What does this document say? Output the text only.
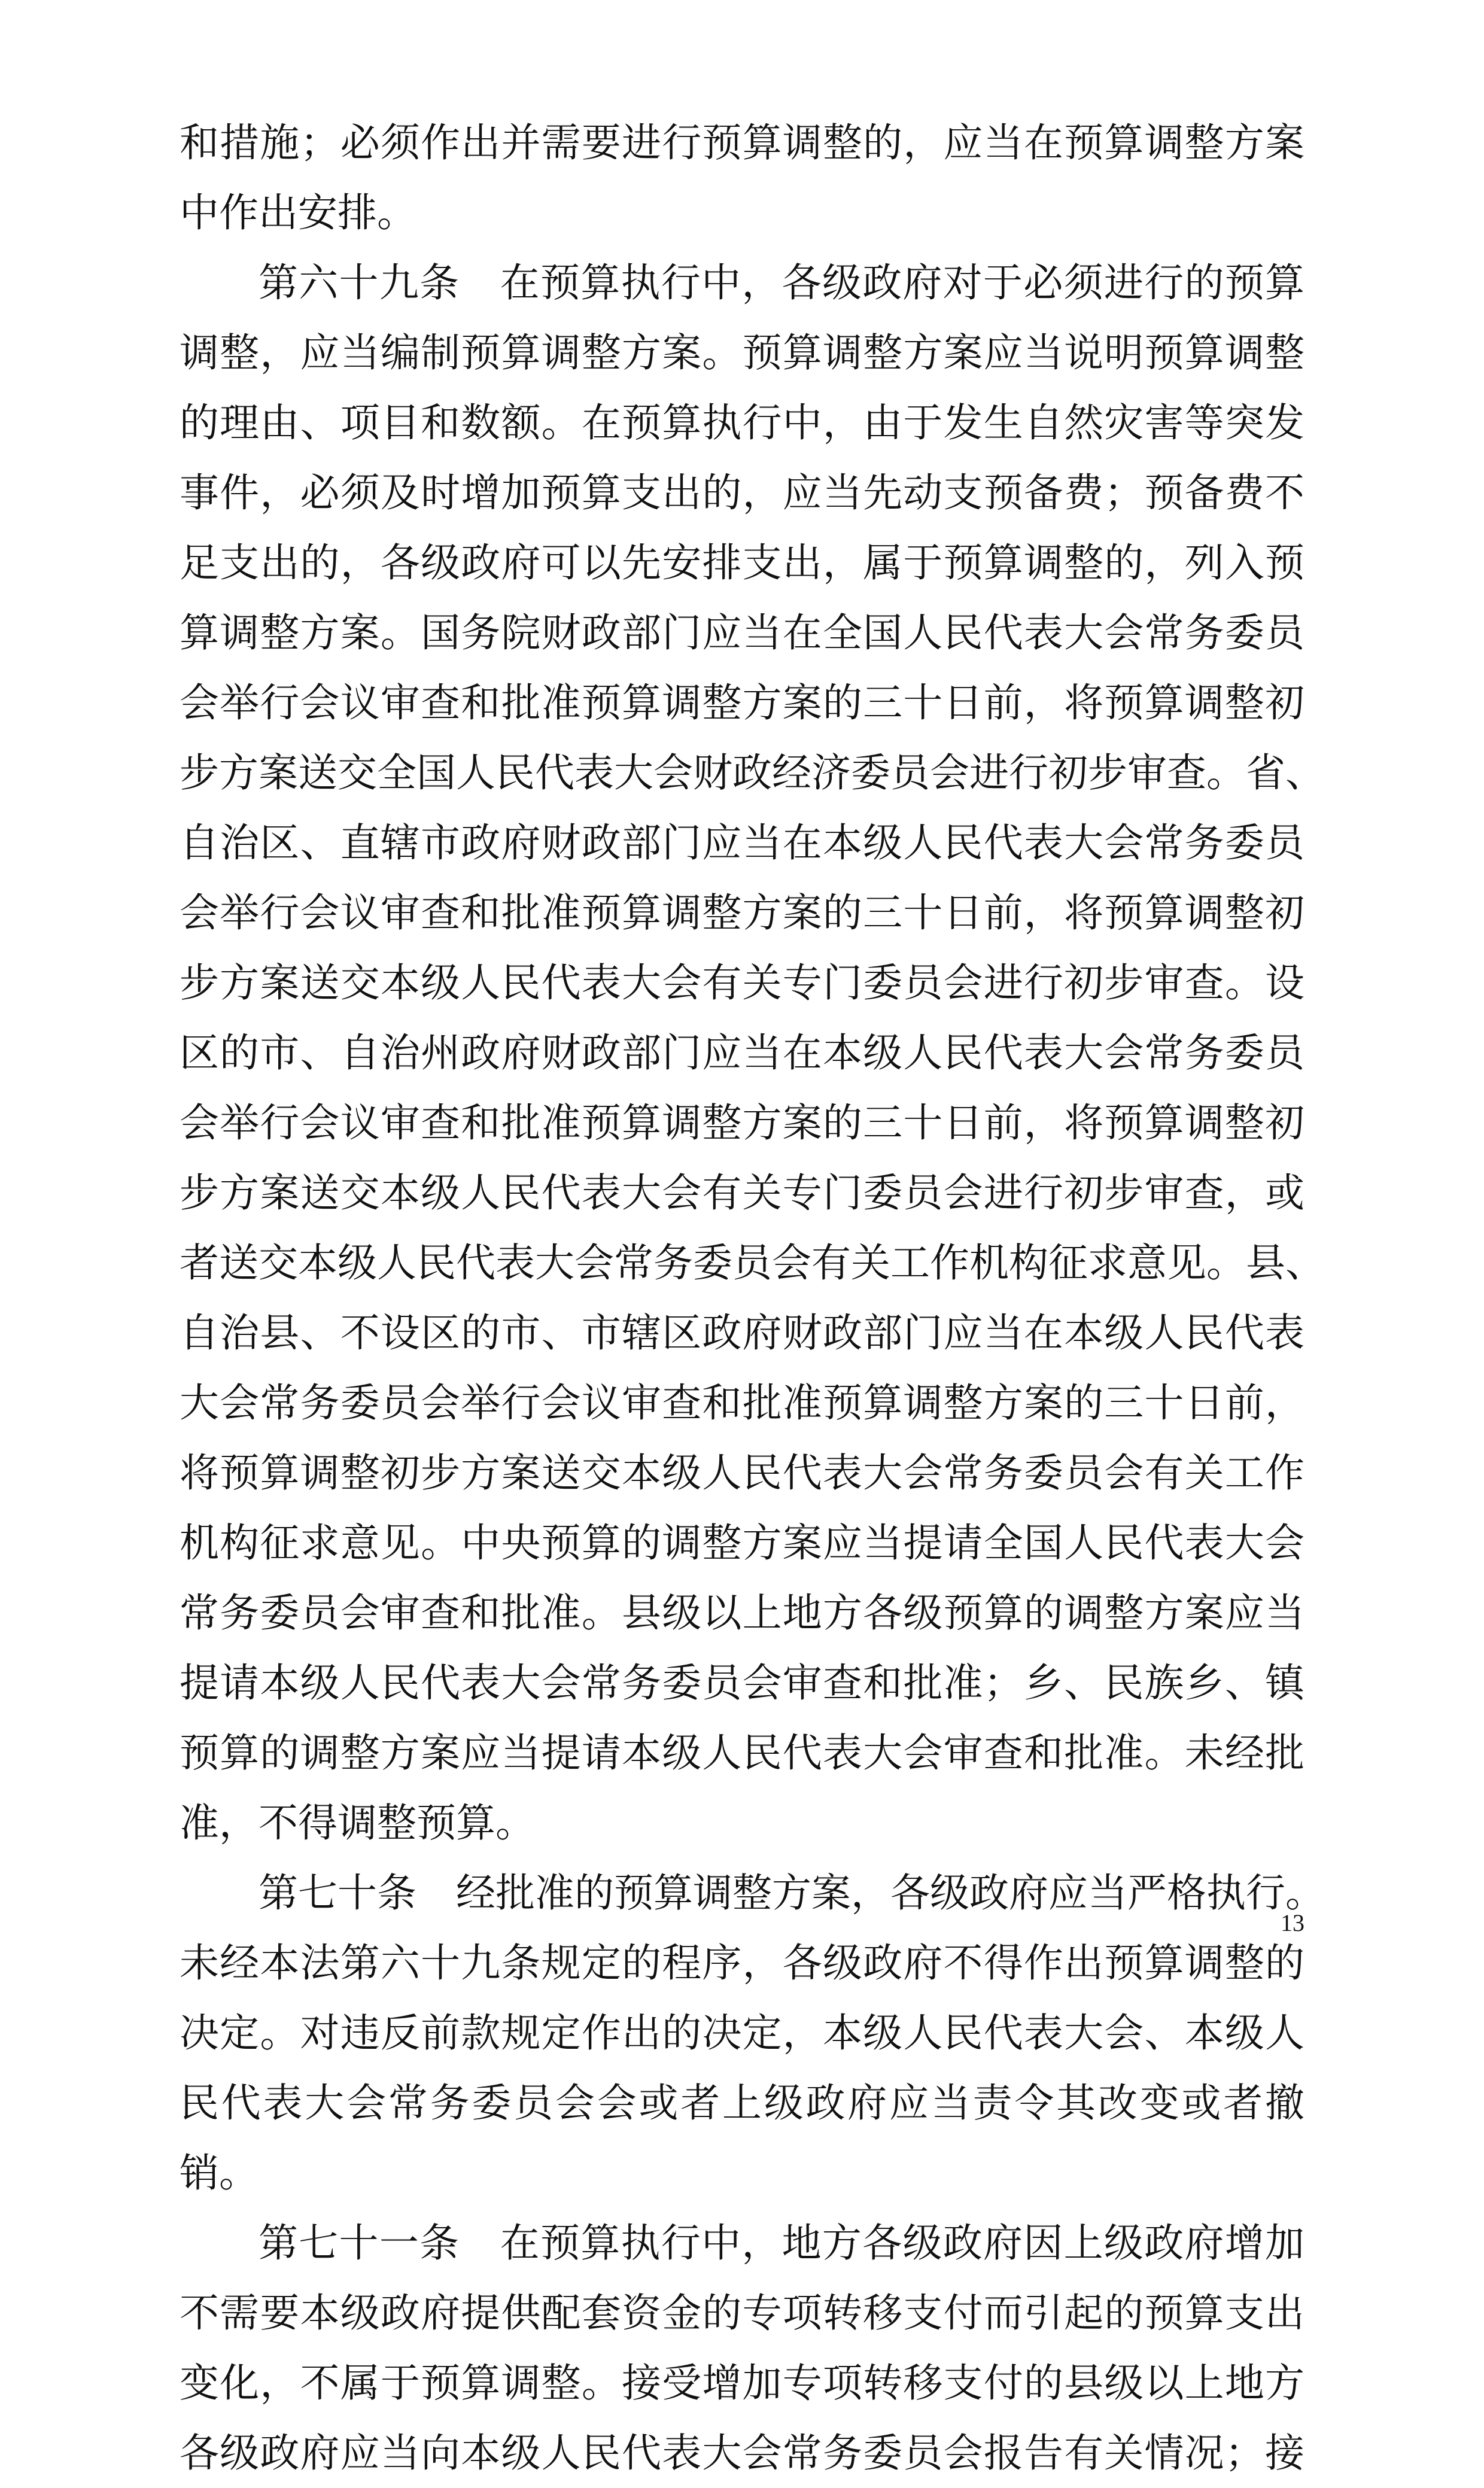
和措施；必须作出并需要进行预算调整的，应当在预算调整方案
中作出安排。
第六十九条　在预算执行中，各级政府对于必须进行的预算
调整，应当编制预算调整方案。预算调整方案应当说明预算调整
的理由、项目和数额。在预算执行中，由于发生自然灾害等突发
事件，必须及时增加预算支出的，应当先动支预备费；预备费不
足支出的，各级政府可以先安排支出，属于预算调整的，列入预
算调整方案。国务院财政部门应当在全国人民代表大会常务委员
会举行会议审查和批准预算调整方案的三十日前，将预算调整初
步方案送交全国人民代表大会财政经济委员会进行初步审查。省、
自治区、直辖市政府财政部门应当在本级人民代表大会常务委员
会举行会议审查和批准预算调整方案的三十日前，将预算调整初
步方案送交本级人民代表大会有关专门委员会进行初步审查。设
区的市、自治州政府财政部门应当在本级人民代表大会常务委员
会举行会议审查和批准预算调整方案的三十日前，将预算调整初
步方案送交本级人民代表大会有关专门委员会进行初步审查，或
者送交本级人民代表大会常务委员会有关工作机构征求意见。县、
自治县、不设区的市、市辖区政府财政部门应当在本级人民代表
大会常务委员会举行会议审查和批准预算调整方案的三十日前，
将预算调整初步方案送交本级人民代表大会常务委员会有关工作
机构征求意见。中央预算的调整方案应当提请全国人民代表大会
常务委员会审查和批准。县级以上地方各级预算的调整方案应当
提请本级人民代表大会常务委员会审查和批准；乡、民族乡、镇
预算的调整方案应当提请本级人民代表大会审查和批准。未经批
准，不得调整预算。
第七十条　经批准的预算调整方案，各级政府应当严格执行。
未经本法第六十九条规定的程序，各级政府不得作出预算调整的
决定。对违反前款规定作出的决定，本级人民代表大会、本级人
民代表大会常务委员会会或者上级政府应当责令其改变或者撤
销。
第七十一条　在预算执行中，地方各级政府因上级政府增加
不需要本级政府提供配套资金的专项转移支付而引起的预算支出
变化，不属于预算调整。接受增加专项转移支付的县级以上地方
各级政府应当向本级人民代表大会常务委员会报告有关情况；接
13
